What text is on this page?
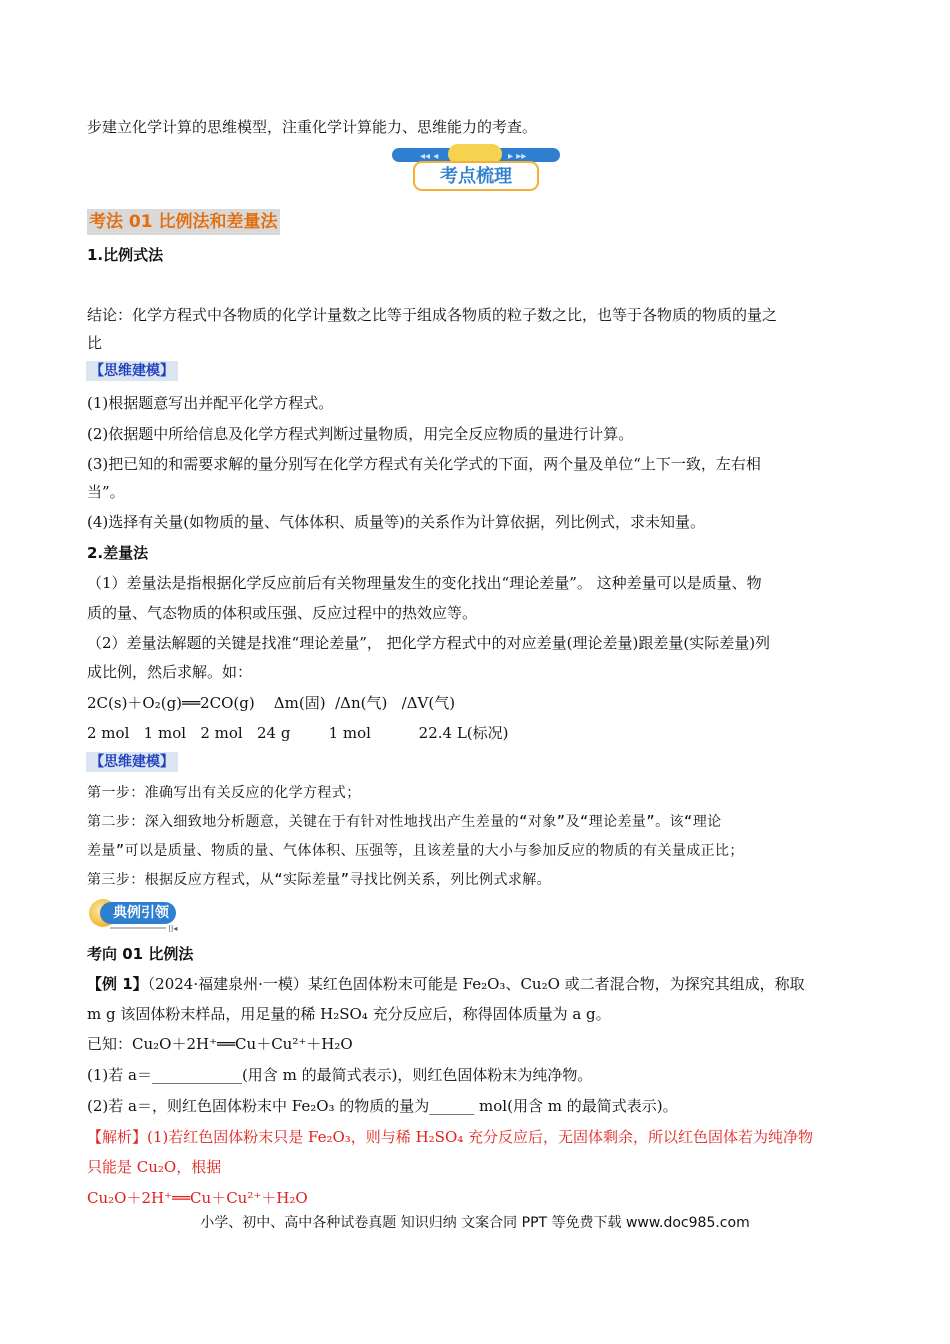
步建立化学计算的思维模型，注重化学计算能力、思维能力的考查。
◂◂ ◂	▸ ▸▸
考点梳理
考法 01 比例法和差量法
1.比例式法
结论：化学方程式中各物质的化学计量数之比等于组成各物质的粒子数之比，也等于各物质的物质的量之
比
【思维建模】
(1)根据题意写出并配平化学方程式。
(2)依据题中所给信息及化学方程式判断过量物质，用完全反应物质的量进行计算。
(3)把已知的和需要求解的量分别写在化学方程式有关化学式的下面，两个量及单位“上下一致，左右相
当”。
(4)选择有关量(如物质的量、气体体积、质量等)的关系作为计算依据，列比例式，求未知量。
2.差量法
（1）差量法是指根据化学反应前后有关物理量发生的变化找出“理论差量”。 这种差量可以是质量、物
质的量、气态物质的体积或压强、反应过程中的热效应等。
（2）差量法解题的关键是找准“理论差量”， 把化学方程式中的对应差量(理论差量)跟差量(实际差量)列
成比例，然后求解。如：
2C(s)＋O₂(g)══2CO(g)    Δm(固)  /Δn(气)   /ΔV(气)
2 mol   1 mol   2 mol   24 g        1 mol          22.4 L(标况)
【思维建模】
第一步：准确写出有关反应的化学方程式；
第二步：深入细致地分析题意，关键在于有针对性地找出产生差量的“对象”及“理论差量”。该“理论
差量”可以是质量、物质的量、气体体积、压强等，且该差量的大小与参加反应的物质的有关量成正比；
第三步：根据反应方程式，从“实际差量”寻找比例关系，列比例式求解。
||◂
典例引领
考向 01 比例法
【例 1】（2024·福建泉州·一模）某红色固体粉末可能是 Fe₂O₃、Cu₂O 或二者混合物，为探究其组成，称取
m g 该固体粉末样品，用足量的稀 H₂SO₄ 充分反应后，称得固体质量为 a g。
已知：Cu₂O＋2H⁺══Cu＋Cu²⁺＋H₂O
(1)若 a＝____________(用含 m 的最简式表示)，则红色固体粉末为纯净物。
(2)若 a＝，则红色固体粉末中 Fe₂O₃ 的物质的量为______ mol(用含 m 的最简式表示)。
【解析】(1)若红色固体粉末只是 Fe₂O₃，则与稀 H₂SO₄ 充分反应后，无固体剩余，所以红色固体若为纯净物
只能是 Cu₂O，根据
Cu₂O＋2H⁺══Cu＋Cu²⁺＋H₂O
小学、初中、高中各种试卷真题 知识归纳 文案合同 PPT 等免费下载 www.doc985.com
